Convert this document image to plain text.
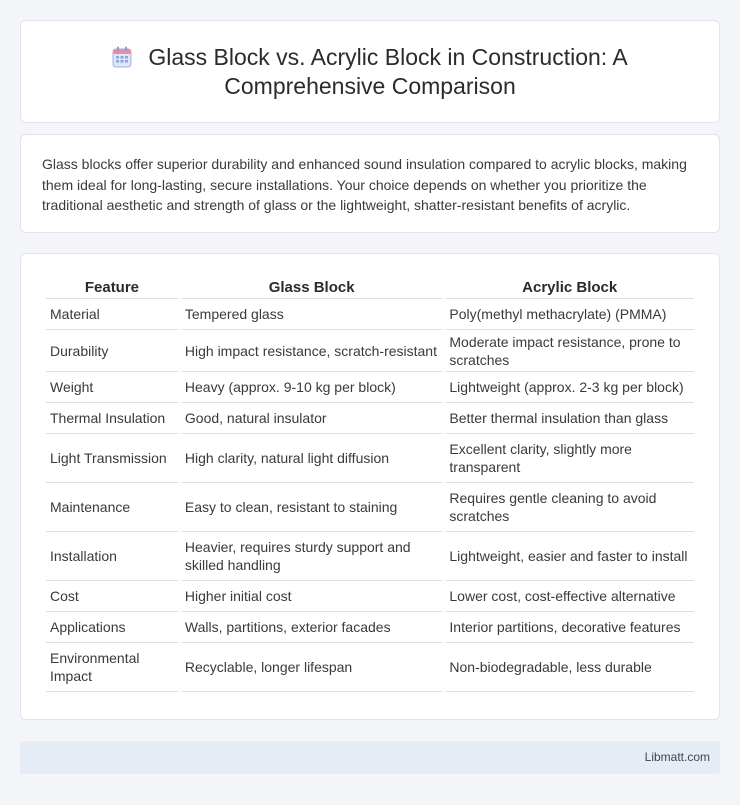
Glass Block vs. Acrylic Block in Construction: A Comprehensive Comparison

Glass blocks offer superior durability and enhanced sound insulation compared to acrylic blocks, making them ideal for long-lasting, secure installations. Your choice depends on whether you prioritize the traditional aesthetic and strength of glass or the lightweight, shatter-resistant benefits of acrylic.

Feature	Glass Block	Acrylic Block
Material	Tempered glass	Poly(methyl methacrylate) (PMMA)
Durability	High impact resistance, scratch-resistant	Moderate impact resistance, prone to scratches
Weight	Heavy (approx. 9-10 kg per block)	Lightweight (approx. 2-3 kg per block)
Thermal Insulation	Good, natural insulator	Better thermal insulation than glass
Light Transmission	High clarity, natural light diffusion	Excellent clarity, slightly more transparent
Maintenance	Easy to clean, resistant to staining	Requires gentle cleaning to avoid scratches
Installation	Heavier, requires sturdy support and skilled handling	Lightweight, easier and faster to install
Cost	Higher initial cost	Lower cost, cost-effective alternative
Applications	Walls, partitions, exterior facades	Interior partitions, decorative features
Environmental Impact	Recyclable, longer lifespan	Non-biodegradable, less durable
Libmatt.com
